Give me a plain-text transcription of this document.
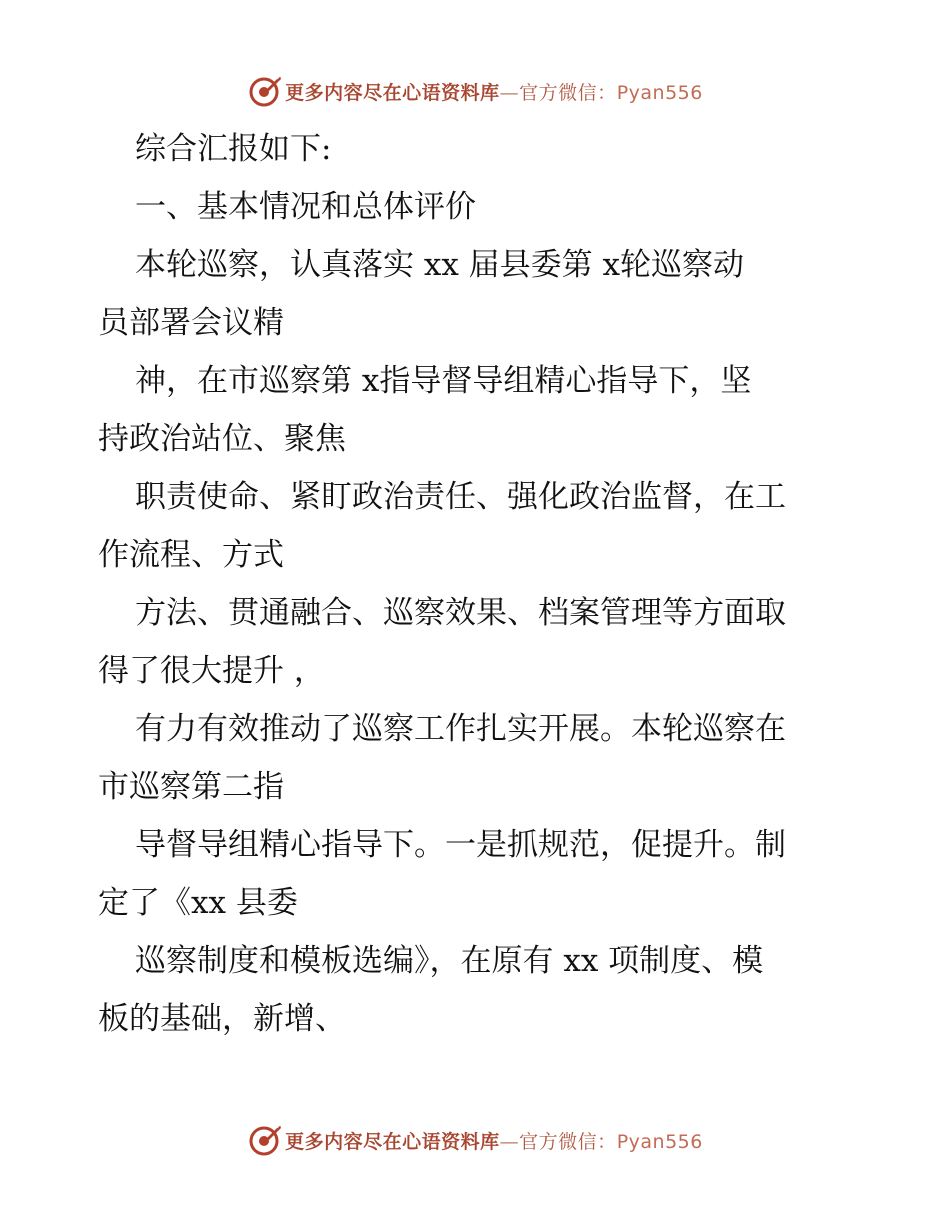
更多内容尽在心语资料库—官方微信：Pyan556
综合汇报如下:
一、基本情况和总体评价
本轮巡察，认真落实 xx 届县委第 x轮巡察动
员部署会议精
神，在市巡察第 x指导督导组精心指导下，坚
持政治站位、聚焦
职责使命、紧盯政治责任、强化政治监督，在工
作流程、方式
方法、贯通融合、巡察效果、档案管理等方面取
得了很大提升 ，
有力有效推动了巡察工作扎实开展。本轮巡察在
市巡察第二指
导督导组精心指导下。一是抓规范，促提升。制
定了《xx 县委
巡察制度和模板选编》，在原有 xx 项制度、模
板的基础，新增、
更多内容尽在心语资料库—官方微信：Pyan556
